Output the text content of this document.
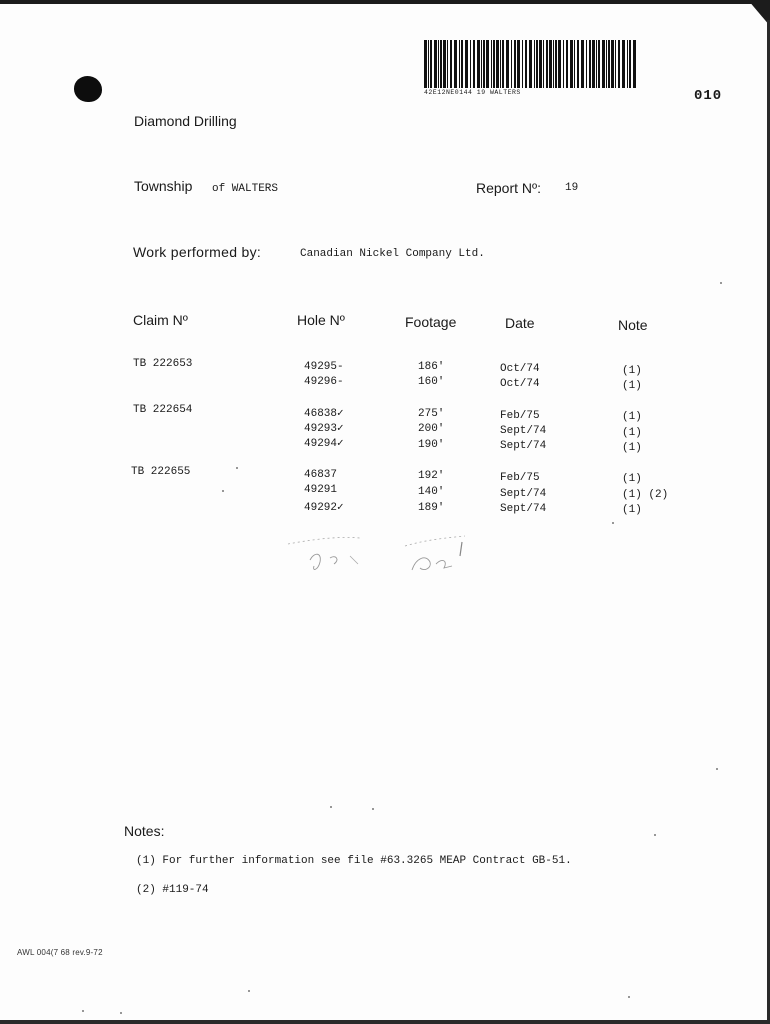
42E12NE0144 19 WALTERS	010
Diamond Drilling
Township of WALTERS	Report Nº: 19
Work performed by:	Canadian Nickel Company Ltd.
Claim Nº	Hole Nº	Footage	Date	Note
TB 222653	49295-	186'	Oct/74	(1)
49296-	160'	Oct/74	(1)
TB 222654	46838✓	275'	Feb/75	(1)
49293✓	200'	Sept/74	(1)
49294✓	190'	Sept/74	(1)
TB 222655	46837	192'	Feb/75	(1)
49291	140'	Sept/74	(1) (2)
49292✓	189'	Sept/74	(1)
Notes:
(1) For further information see file #63.3265 MEAP Contract GB-51.
(2) #119-74
AWL 004(7 68 rev.9-72
